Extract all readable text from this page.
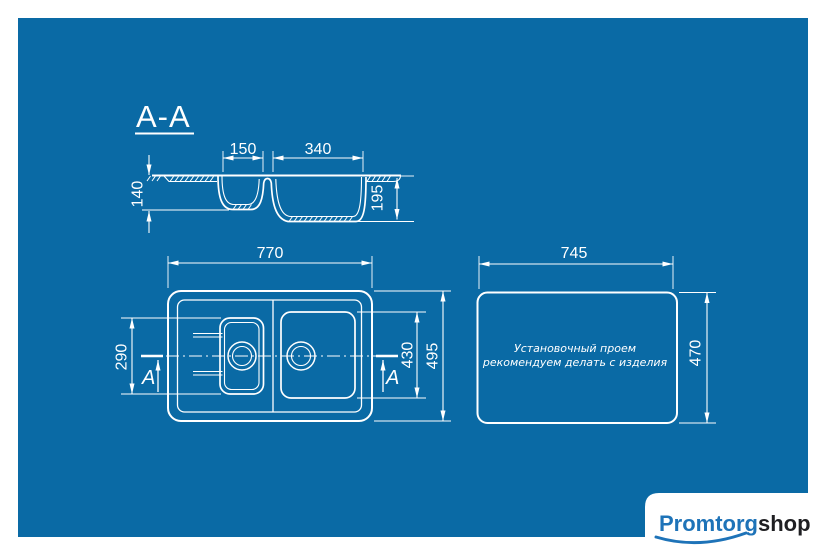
A-A
150	340
140	195
770
290
A	A
430 495
745
Установочный проем
рекомендуем делать с изделия 470
Promtorgshop
